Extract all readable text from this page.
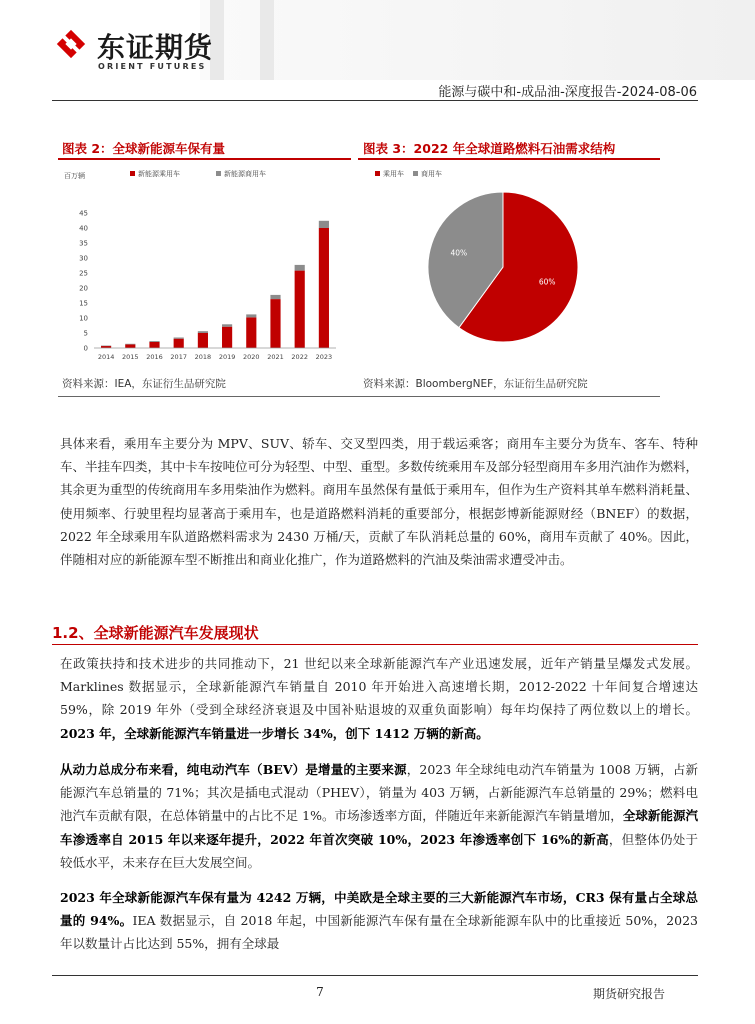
东证期货
ORIENT FUTURES
能源与碳中和-成品油-深度报告-2024-08-06
图表 2：全球新能源车保有量	图表 3：2022 年全球道路燃料石油需求结构
百万辆	新能源乘用车	新能源商用车
0
5
10
15
20
25
30
35
40
45
2014 2015 2016 2017 2018 2019 2020 2021 2022 2023
乘用车 商用车
60%
40%
资料来源：IEA，东证衍生品研究院	资料来源：BloombergNEF，东证衍生品研究院
具体来看，乘用车主要分为 MPV、SUV、轿车、交叉型四类，用于载运乘客；商用车主要分为货车、客车、特种车、半挂车四类，其中卡车按吨位可分为轻型、中型、重型。多数传统乘用车及部分轻型商用车多用汽油作为燃料，其余更为重型的传统商用车多用柴油作为燃料。商用车虽然保有量低于乘用车，但作为生产资料其单车燃料消耗量、使用频率、行驶里程均显著高于乘用车，也是道路燃料消耗的重要部分，根据彭博新能源财经（BNEF）的数据，2022 年全球乘用车队道路燃料需求为 2430 万桶/天，贡献了车队消耗总量的 60%，商用车贡献了 40%。因此，伴随相对应的新能源车型不断推出和商业化推广，作为道路燃料的汽油及柴油需求遭受冲击。
1.2、全球新能源汽车发展现状
在政策扶持和技术进步的共同推动下，21 世纪以来全球新能源汽车产业迅速发展，近年产销量呈爆发式发展。Marklines 数据显示，全球新能源汽车销量自 2010 年开始进入高速增长期，2012-2022 十年间复合增速达 59%，除 2019 年外（受到全球经济衰退及中国补贴退坡的双重负面影响）每年均保持了两位数以上的增长。2023 年，全球新能源汽车销量进一步增长 34%，创下 1412 万辆的新高。
从动力总成分布来看，纯电动汽车（BEV）是增量的主要来源，2023 年全球纯电动汽车销量为 1008 万辆，占新能源汽车总销量的 71%；其次是插电式混动（PHEV），销量为 403 万辆，占新能源汽车总销量的 29%；燃料电池汽车贡献有限，在总体销量中的占比不足 1%。市场渗透率方面，伴随近年来新能源汽车销量增加，全球新能源汽车渗透率自 2015 年以来逐年提升，2022 年首次突破 10%，2023 年渗透率创下 16%的新高，但整体仍处于较低水平，未来存在巨大发展空间。
2023 年全球新能源汽车保有量为 4242 万辆，中美欧是全球主要的三大新能源汽车市场，CR3 保有量占全球总量的 94%。IEA 数据显示，自 2018 年起，中国新能源汽车保有量在全球新能源车队中的比重接近 50%，2023 年以数量计占比达到 55%，拥有全球最
7	期货研究报告
